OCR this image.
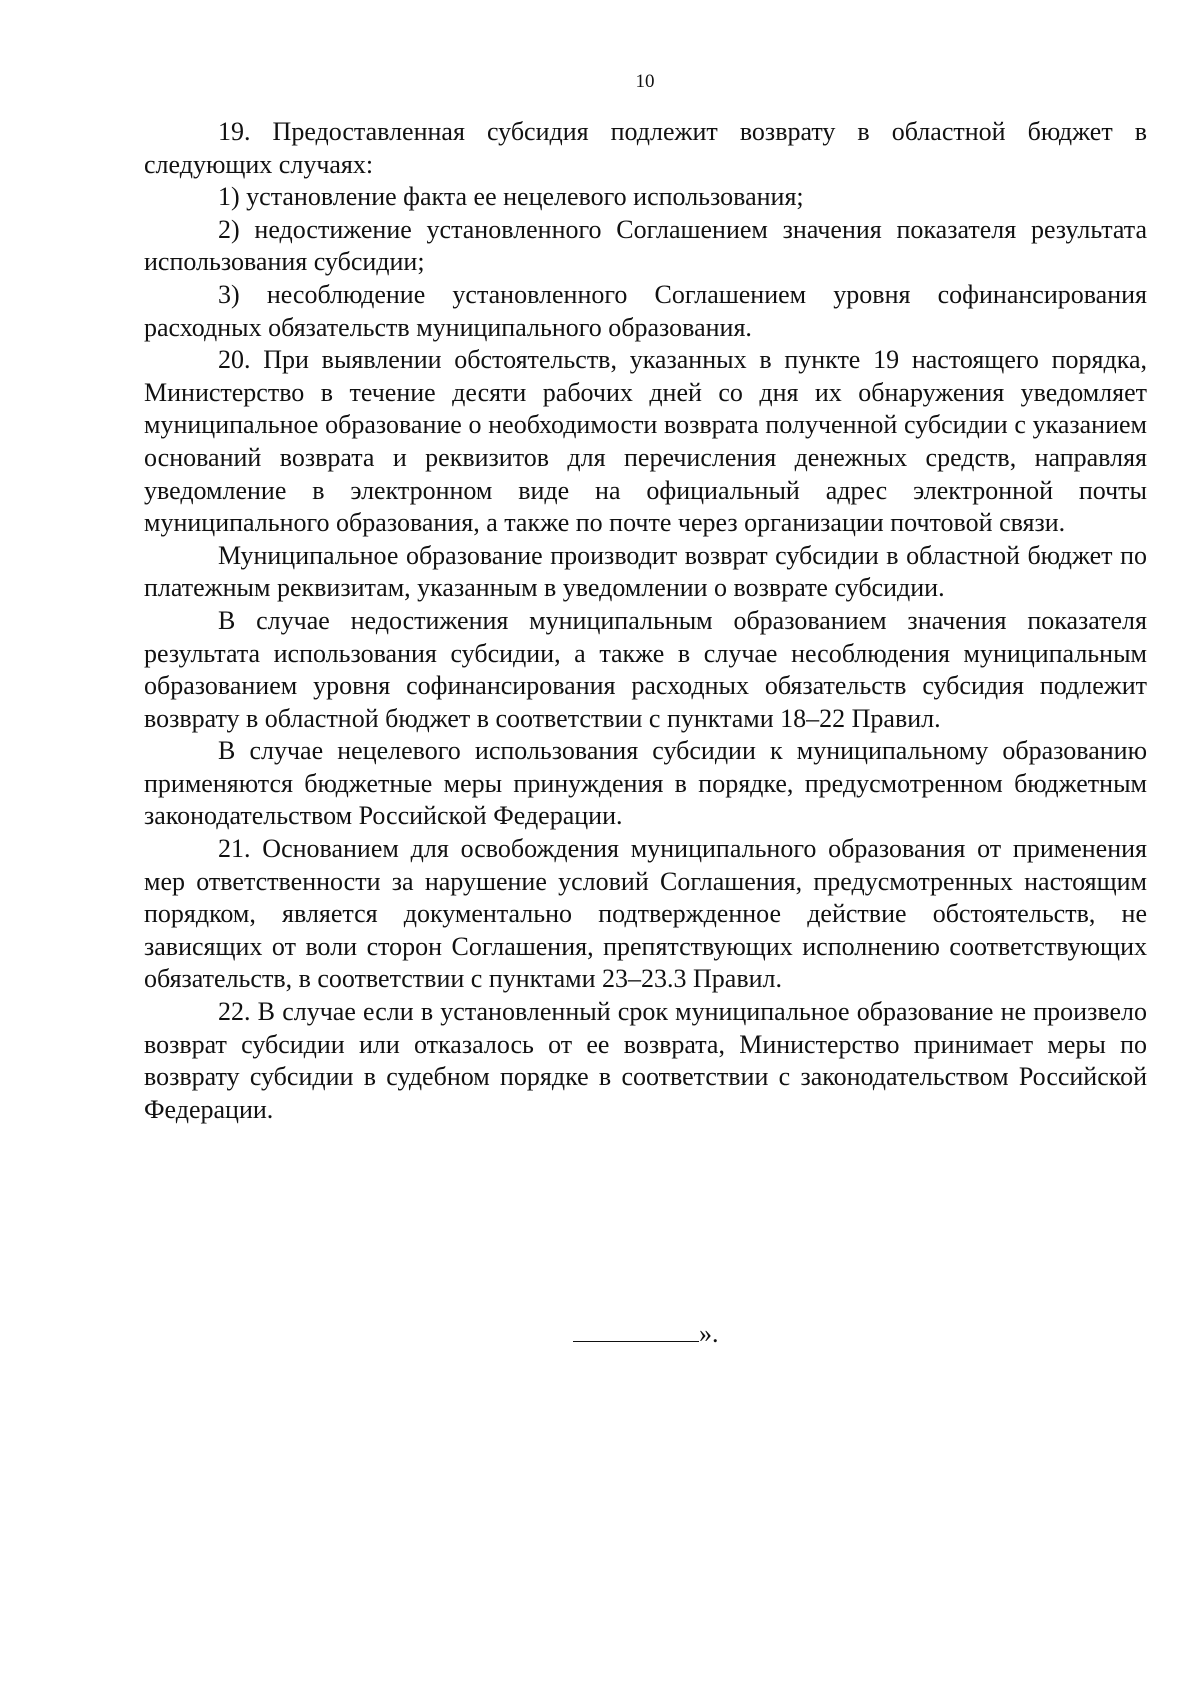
10

19. Предоставленная субсидия подлежит возврату в областной бюджет в следующих случаях:

1) установление факта ее нецелевого использования;

2) недостижение установленного Соглашением значения показателя результата использования субсидии;

3) несоблюдение установленного Соглашением уровня софинансирования расходных обязательств муниципального образования.

20. При выявлении обстоятельств, указанных в пункте 19 настоящего порядка, Министерство в течение десяти рабочих дней со дня их обнаружения уведомляет муниципальное образование о необходимости возврата полученной субсидии с указанием оснований возврата и реквизитов для перечисления денежных средств, направляя уведомление в электронном виде на официальный адрес электронной почты муниципального образования, а также по почте через организации почтовой связи.

Муниципальное образование производит возврат субсидии в областной бюджет по платежным реквизитам, указанным в уведомлении о возврате субсидии.

В случае недостижения муниципальным образованием значения показателя результата использования субсидии, а также в случае несоблюдения муниципальным образованием уровня софинансирования расходных обязательств субсидия подлежит возврату в областной бюджет в соответствии с пунктами 18–22 Правил.

В случае нецелевого использования субсидии к муниципальному образованию применяются бюджетные меры принуждения в порядке, предусмотренном бюджетным законодательством Российской Федерации.

21. Основанием для освобождения муниципального образования от применения мер ответственности за нарушение условий Соглашения, предусмотренных настоящим порядком, является документально подтвержденное действие обстоятельств, не зависящих от воли сторон Соглашения, препятствующих исполнению соответствующих обязательств, в соответствии с пунктами 23–23.3 Правил.

22. В случае если в установленный срок муниципальное образование не произвело возврат субсидии или отказалось от ее возврата, Министерство принимает меры по возврату субсидии в судебном порядке в соответствии с законодательством Российской Федерации.

».
